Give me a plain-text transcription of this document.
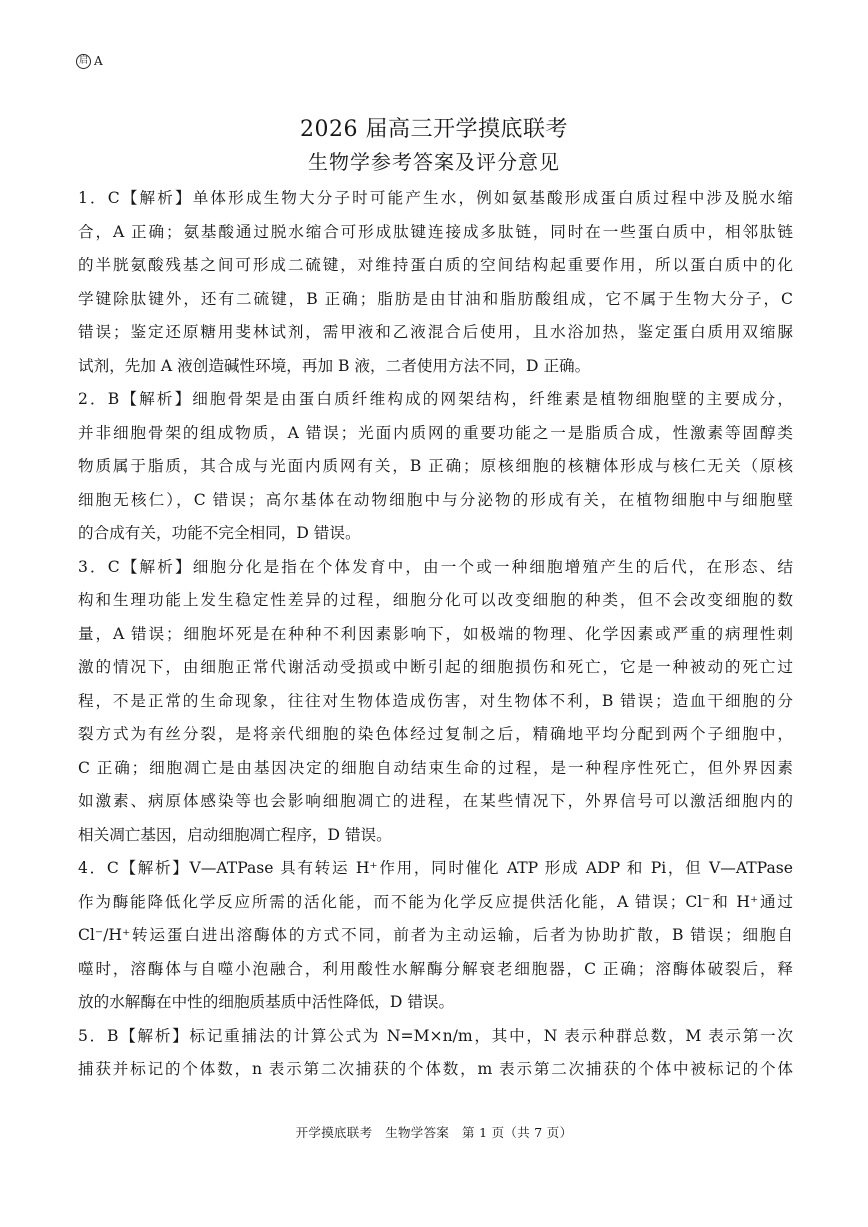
启 A
2026 届高三开学摸底联考
生物学参考答案及评分意见
1．C【解析】单体形成生物大分子时可能产生水，例如氨基酸形成蛋白质过程中涉及脱水缩
合，A 正确；氨基酸通过脱水缩合可形成肽键连接成多肽链，同时在一些蛋白质中，相邻肽链
的半胱氨酸残基之间可形成二硫键，对维持蛋白质的空间结构起重要作用，所以蛋白质中的化
学键除肽键外，还有二硫键，B 正确；脂肪是由甘油和脂肪酸组成，它不属于生物大分子，C
错误；鉴定还原糖用斐林试剂，需甲液和乙液混合后使用，且水浴加热，鉴定蛋白质用双缩脲
试剂，先加 A 液创造碱性环境，再加 B 液，二者使用方法不同，D 正确。
2．B【解析】细胞骨架是由蛋白质纤维构成的网架结构，纤维素是植物细胞壁的主要成分，
并非细胞骨架的组成物质，A 错误；光面内质网的重要功能之一是脂质合成，性激素等固醇类
物质属于脂质，其合成与光面内质网有关，B 正确；原核细胞的核糖体形成与核仁无关（原核
细胞无核仁），C 错误；高尔基体在动物细胞中与分泌物的形成有关，在植物细胞中与细胞壁
的合成有关，功能不完全相同，D 错误。
3．C【解析】细胞分化是指在个体发育中，由一个或一种细胞增殖产生的后代，在形态、结
构和生理功能上发生稳定性差异的过程，细胞分化可以改变细胞的种类，但不会改变细胞的数
量，A 错误；细胞坏死是在种种不利因素影响下，如极端的物理、化学因素或严重的病理性刺
激的情况下，由细胞正常代谢活动受损或中断引起的细胞损伤和死亡，它是一种被动的死亡过
程，不是正常的生命现象，往往对生物体造成伤害，对生物体不利，B 错误；造血干细胞的分
裂方式为有丝分裂，是将亲代细胞的染色体经过复制之后，精确地平均分配到两个子细胞中，
C 正确；细胞凋亡是由基因决定的细胞自动结束生命的过程，是一种程序性死亡，但外界因素
如激素、病原体感染等也会影响细胞凋亡的进程，在某些情况下，外界信号可以激活细胞内的
相关凋亡基因，启动细胞凋亡程序，D 错误。
4．C【解析】V—ATPase 具有转运 H⁺作用，同时催化 ATP 形成 ADP 和 Pi，但 V—ATPase
作为酶能降低化学反应所需的活化能，而不能为化学反应提供活化能，A 错误；Cl⁻和 H⁺通过
Cl⁻/H⁺转运蛋白进出溶酶体的方式不同，前者为主动运输，后者为协助扩散，B 错误；细胞自
噬时，溶酶体与自噬小泡融合，利用酸性水解酶分解衰老细胞器，C 正确；溶酶体破裂后，释
放的水解酶在中性的细胞质基质中活性降低，D 错误。
5．B【解析】标记重捕法的计算公式为 N=M×n/m，其中，N 表示种群总数，M 表示第一次
捕获并标记的个体数，n 表示第二次捕获的个体数，m 表示第二次捕获的个体中被标记的个体
开学摸底联考　生物学答案　第 1 页（共 7 页）
